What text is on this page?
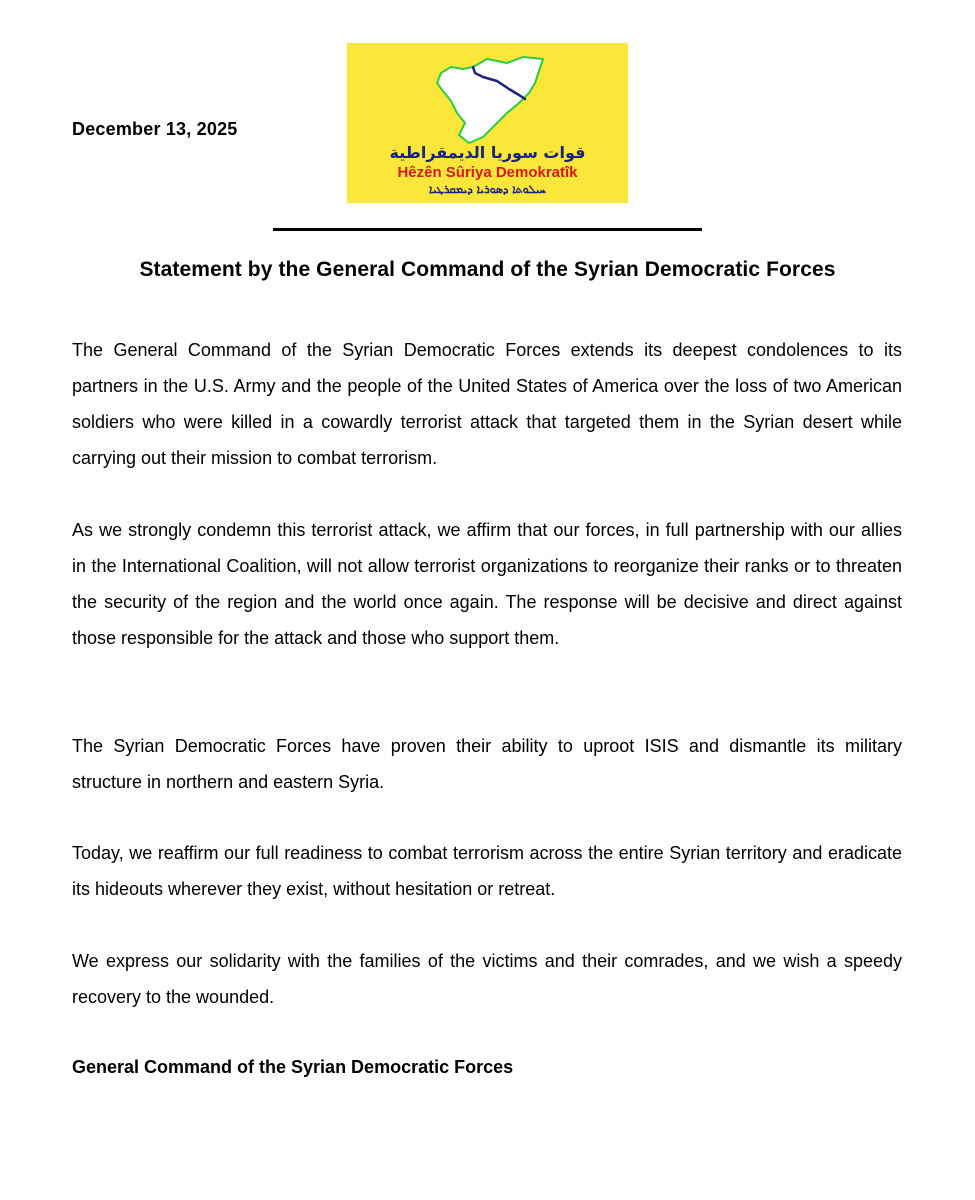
December 13, 2025
قوات سوريا الديمقراطية
Hêzên Sûriya Demokratîk
ܚܝܠܘܬܐ ܕܣܘܪܝܐ ܕܝܡܩܪܛܝܐ
Statement by the General Command of the Syrian Democratic Forces
The General Command of the Syrian Democratic Forces extends its deepest condolences to its partners in the U.S. Army and the people of the United States of America over the loss of two American soldiers who were killed in a cowardly terrorist attack that targeted them in the Syrian desert while carrying out their mission to combat terrorism.
As we strongly condemn this terrorist attack, we affirm that our forces, in full partnership with our allies in the International Coalition, will not allow terrorist organizations to reorganize their ranks or to threaten the security of the region and the world once again. The response will be decisive and direct against those responsible for the attack and those who support them.
The Syrian Democratic Forces have proven their ability to uproot ISIS and dismantle its military structure in northern and eastern Syria.
Today, we reaffirm our full readiness to combat terrorism across the entire Syrian territory and eradicate its hideouts wherever they exist, without hesitation or retreat.
We express our solidarity with the families of the victims and their comrades, and we wish a speedy recovery to the wounded.
General Command of the Syrian Democratic Forces
